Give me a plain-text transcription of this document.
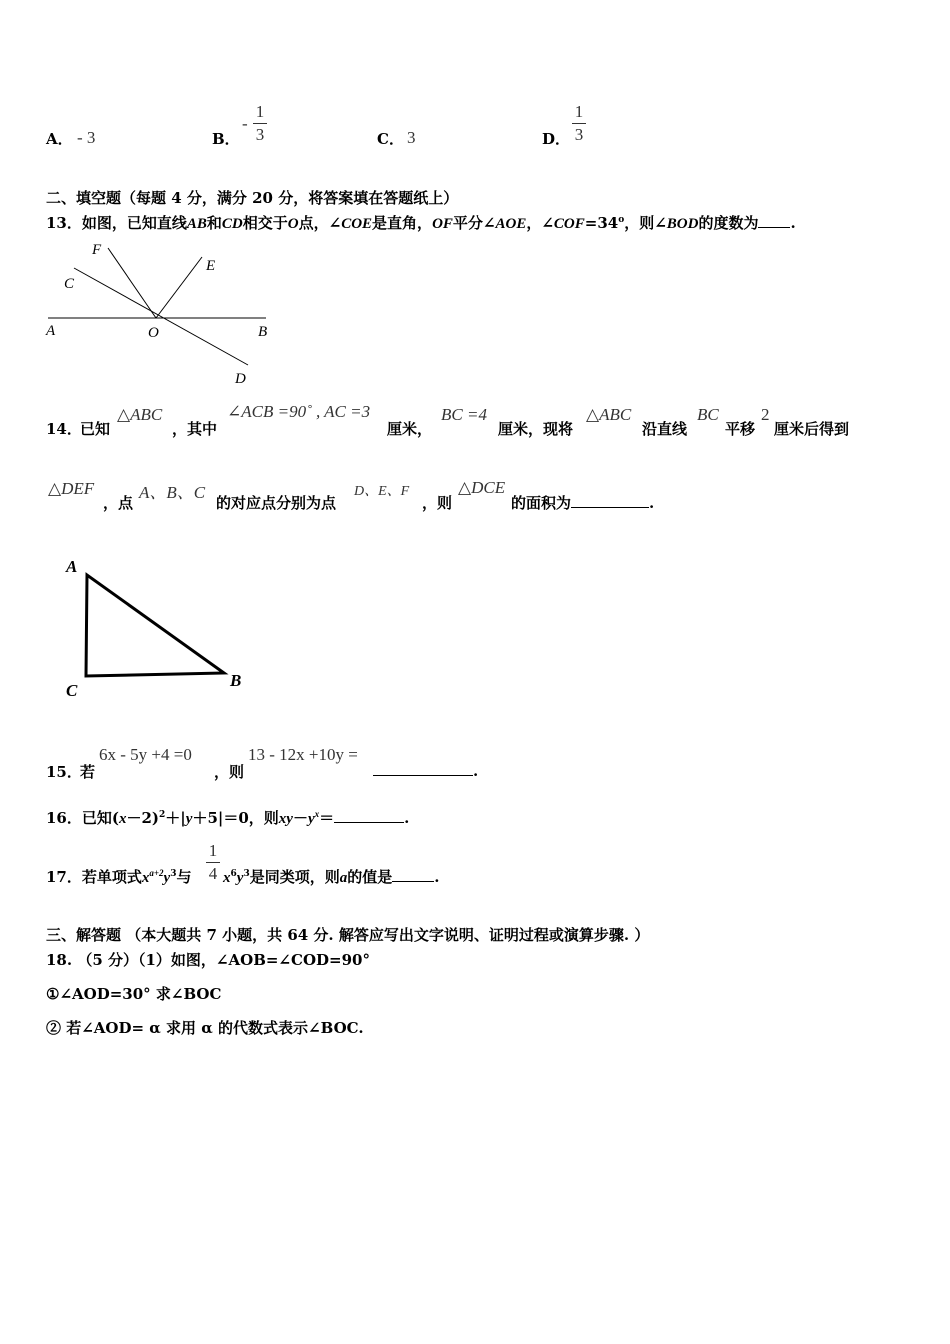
A． - 3	B．
-
1
3	C． 3	D．
1
3
二、填空题（每题 4 分，满分 20 分，将答案填在答题纸上）
13．如图，已知直线AB和CD相交于O点，∠COE是直角，OF平分∠AOE，$\angle COF=34^o$，则∠BOD的度数为 .
F
E
C
A	O	B
D
14．
已知
△ABC
，其中
∠ACB =90˚ , AC =3
厘米，
BC =4
厘米，现将
△ABC
沿直线
BC
平移
2
厘米后得到
△DEF
，点
A、B、C
的对应点分别为点
D、E、F
，则
△DCE
的面积为	.
A
C
B
15．
若
6x - 5y +4 =0
，则
13 - 12x +10y =
.
16．已知$(x-2)^2+|y+5|=0$，则$xy-y^x=$	.
17．若单项式$x^{a+2}y^3$与
1
4 $x^6y^3$是同类项，则a的值是	.
三、解答题 （本大题共 7 小题，共 64 分. 解答应写出文字说明、证明过程或演算步骤. ）
18. （5 分）（1）如图，∠AOB=∠COD=90°
①∠AOD=30° 求∠BOC
② 若∠AOD= α 求用 α 的代数式表示∠BOC.
